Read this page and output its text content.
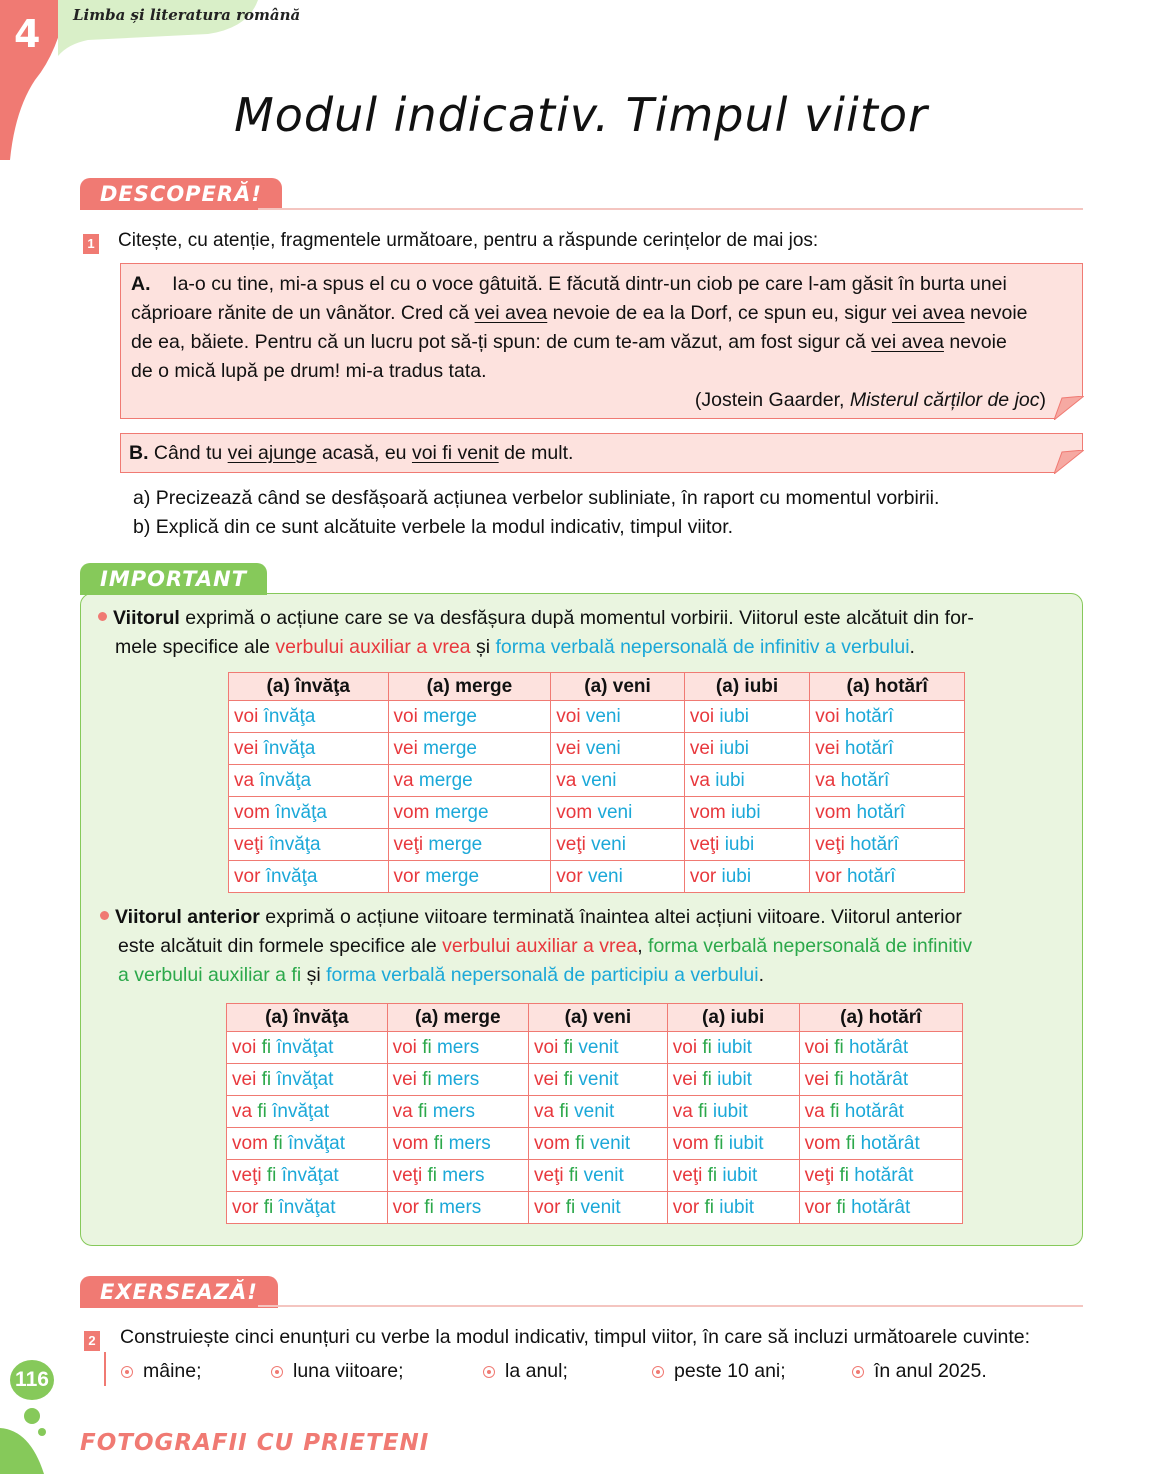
4 Limba și literatura română
Modul indicativ. Timpul viitor
DESCOPERĂ!
1 Citește, cu atenție, fragmentele următoare, pentru a răspunde cerințelor de mai jos:
A. Ia-o cu tine, mi-a spus el cu o voce gâtuită. E făcută dintr-un ciob pe care l-am găsit în burta unei
căprioare rănite de un vânător. Cred că vei avea nevoie de ea la Dorf, ce spun eu, sigur vei avea nevoie
de ea, băiete. Pentru că un lucru pot să-ți spun: de cum te-am văzut, am fost sigur că vei avea nevoie
de o mică lupă pe drum! mi-a tradus tata.
(Jostein Gaarder, Misterul cărților de joc)
B. Când tu vei ajunge acasă, eu voi fi venit de mult.
a) Precizează când se desfășoară acțiunea verbelor subliniate, în raport cu momentul vorbirii.
b) Explică din ce sunt alcătuite verbele la modul indicativ, timpul viitor.
IMPORTANT
Viitorul exprimă o acțiune care se va desfășura după momentul vorbirii. Viitorul este alcătuit din for-
mele specifice ale verbului auxiliar a vrea și forma verbală nepersonală de infinitiv a verbului.
(a) învăţa	(a) merge	(a) veni	(a) iubi	(a) hotărî
voi învăţa	voi merge	voi veni	voi iubi	voi hotărî
vei învăţa	vei merge	vei veni	vei iubi	vei hotărî
va învăţa	va merge	va veni	va iubi	va hotărî
vom învăţa	vom merge	vom veni	vom iubi	vom hotărî
veţi învăţa	veţi merge	veţi veni	veţi iubi	veţi hotărî
vor învăţa	vor merge	vor veni	vor iubi	vor hotărî
Viitorul anterior exprimă o acțiune viitoare terminată înaintea altei acțiuni viitoare. Viitorul anterior
este alcătuit din formele specifice ale verbului auxiliar a vrea, forma verbală nepersonală de infinitiv
a verbului auxiliar a fi și forma verbală nepersonală de participiu a verbului.
(a) învăţa	(a) merge	(a) veni	(a) iubi	(a) hotărî
voi fi învăţat	voi fi mers	voi fi venit	voi fi iubit	voi fi hotărât
vei fi învăţat	vei fi mers	vei fi venit	vei fi iubit	vei fi hotărât
va fi învăţat	va fi mers	va fi venit	va fi iubit	va fi hotărât
vom fi învăţat	vom fi mers	vom fi venit	vom fi iubit	vom fi hotărât
veţi fi învăţat	veţi fi mers	veţi fi venit	veţi fi iubit	veţi fi hotărât
vor fi învăţat	vor fi mers	vor fi venit	vor fi iubit	vor fi hotărât
EXERSEAZĂ!
2 Construiește cinci enunțuri cu verbe la modul indicativ, timpul viitor, în care să incluzi următoarele cuvinte:
mâine;	luna viitoare;	la anul;	peste 10 ani;	în anul 2025.
116
FOTOGRAFII CU PRIETENI
